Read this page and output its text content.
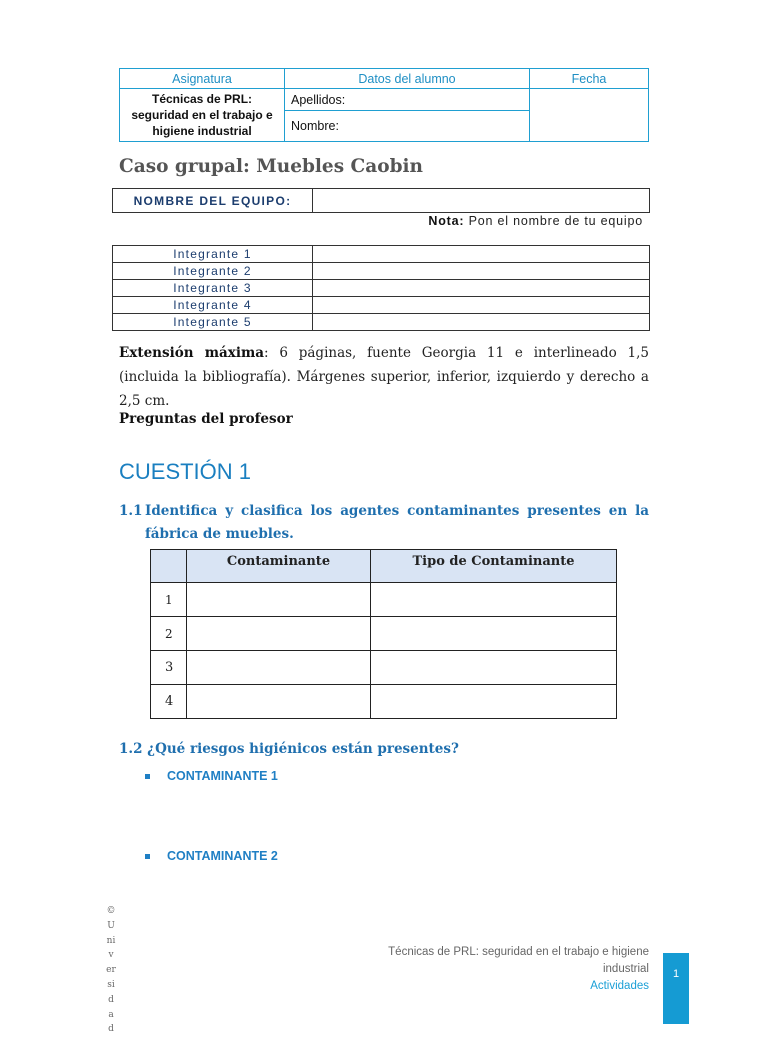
Asignatura	Datos del alumno	Fecha
Técnicas de PRL: seguridad en el trabajo e higiene industrial	Apellidos:	
	Nombre:	
Caso grupal: Muebles Caobin
NOMBRE DEL EQUIPO:
Nota: Pon el nombre de tu equipo
Integrante 1	
Integrante 2	
Integrante 3	
Integrante 4	
Integrante 5	

Extensión máxima: 6 páginas, fuente Georgia 11 e interlineado 1,5 (incluida la bibliografía). Márgenes superior, inferior, izquierdo y derecho a 2,5 cm.

Preguntas del profesor
CUESTIÓN 1
1.1 Identifica y clasifica los agentes contaminantes presentes en la fábrica de muebles.
	Contaminante	Tipo de Contaminante
1		
2		
3		
4		
1.2 ¿Qué riesgos higiénicos están presentes?
CONTAMINANTE 1
CONTAMINANTE 2
©
U
ni
v
er
si
d
a
d
Técnicas de PRL: seguridad en el trabajo e higiene industrial
Actividades
1
